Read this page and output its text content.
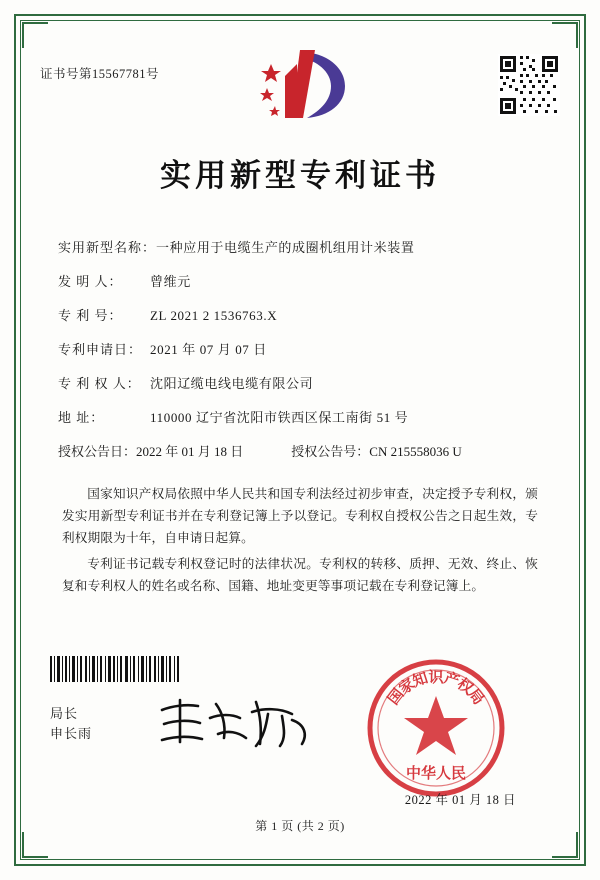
证书号第15567781号
实用新型专利证书
实用新型名称：一种应用于电缆生产的成圈机组用计米装置
发 明 人： 曾维元
专 利 号： ZL 2021 2 1536763.X
专利申请日： 2021 年 07 月 07 日
专 利 权 人： 沈阳辽缆电线电缆有限公司
地 址：	110000 辽宁省沈阳市铁西区保工南街 51 号
授权公告日：2022 年 01 月 18 日	授权公告号：CN 215558036 U

国家知识产权局依照中华人民共和国专利法经过初步审查，决定授予专利权，颁发实用新型专利证书并在专利登记簿上予以登记。专利权自授权公告之日起生效，专利权期限为十年，自申请日起算。

专利证书记载专利权登记时的法律状况。专利权的转移、质押、无效、终止、恢复和专利权人的姓名或名称、国籍、地址变更等事项记载在专利登记簿上。

局长
申长雨
国
家
知
识
产
权
局
中华人民
2022 年 01 月 18 日
第 1 页 (共 2 页)
